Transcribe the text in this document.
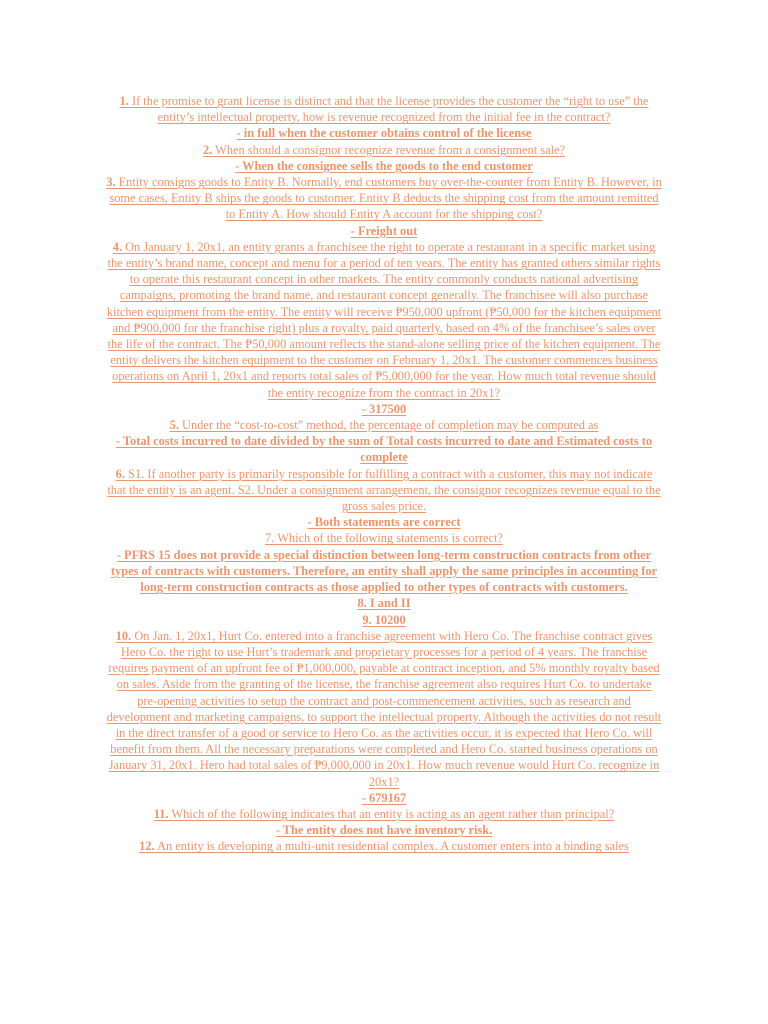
1. If the promise to grant license is distinct and that the license provides the customer the “right to use” the entity’s intellectual property, how is revenue recognized from the initial fee in the contract?

- in full when the customer obtains control of the license

2. When should a consignor recognize revenue from a consignment sale?

- When the consignee sells the goods to the end customer

3. Entity consigns goods to Entity B. Normally, end customers buy over-the-counter from Entity B. However, in some cases, Entity B ships the goods to customer. Entity B deducts the shipping cost from the amount remitted to Entity A. How should Entity A account for the shipping cost?

- Freight out

4. On January 1, 20x1, an entity grants a franchisee the right to operate a restaurant in a specific market using the entity’s brand name, concept and menu for a period of ten years. The entity has granted others similar rights to operate this restaurant concept in other markets. The entity commonly conducts national advertising campaigns, promoting the brand name, and restaurant concept generally. The franchisee will also purchase kitchen equipment from the entity. The entity will receive ₱950,000 upfront (₱50,000 for the kitchen equipment and ₱900,000 for the franchise right) plus a royalty, paid quarterly, based on 4% of the franchisee’s sales over the life of the contract. The ₱50,000 amount reflects the stand-alone selling price of the kitchen equipment. The entity delivers the kitchen equipment to the customer on February 1, 20x1. The customer commences business operations on April 1, 20x1 and reports total sales of ₱5,000,000 for the year. How much total revenue should the entity recognize from the contract in 20x1?

- 317500

5. Under the “cost-to-cost” method, the percentage of completion may be computed as

- Total costs incurred to date divided by the sum of Total costs incurred to date and Estimated costs to complete

6. S1. If another party is primarily responsible for fulfilling a contract with a customer, this may not indicate that the entity is an agent. S2. Under a consignment arrangement, the consignor recognizes revenue equal to the gross sales price.

- Both statements are correct

7. Which of the following statements is correct?

- PFRS 15 does not provide a special distinction between long-term construction contracts from other types of contracts with customers. Therefore, an entity shall apply the same principles in accounting for long-term construction contracts as those applied to other types of contracts with customers.

8. I and II

9. 10200

10. On Jan. 1, 20x1, Hurt Co. entered into a franchise agreement with Hero Co. The franchise contract gives Hero Co. the right to use Hurt’s trademark and proprietary processes for a period of 4 years. The franchise requires payment of an upfront fee of ₱1,000,000, payable at contract inception, and 5% monthly royalty based on sales. Aside from the granting of the license, the franchise agreement also requires Hurt Co. to undertake pre-opening activities to setup the contract and post-commencement activities, such as research and development and marketing campaigns, to support the intellectual property. Although the activities do not result in the direct transfer of a good or service to Hero Co. as the activities occur, it is expected that Hero Co. will benefit from them. All the necessary preparations were completed and Hero Co. started business operations on January 31, 20x1. Hero had total sales of ₱9,000,000 in 20x1. How much revenue would Hurt Co. recognize in 20x1?

- 679167

11. Which of the following indicates that an entity is acting as an agent rather than principal?

- The entity does not have inventory risk.

12. An entity is developing a multi-unit residential complex. A customer enters into a binding sales
